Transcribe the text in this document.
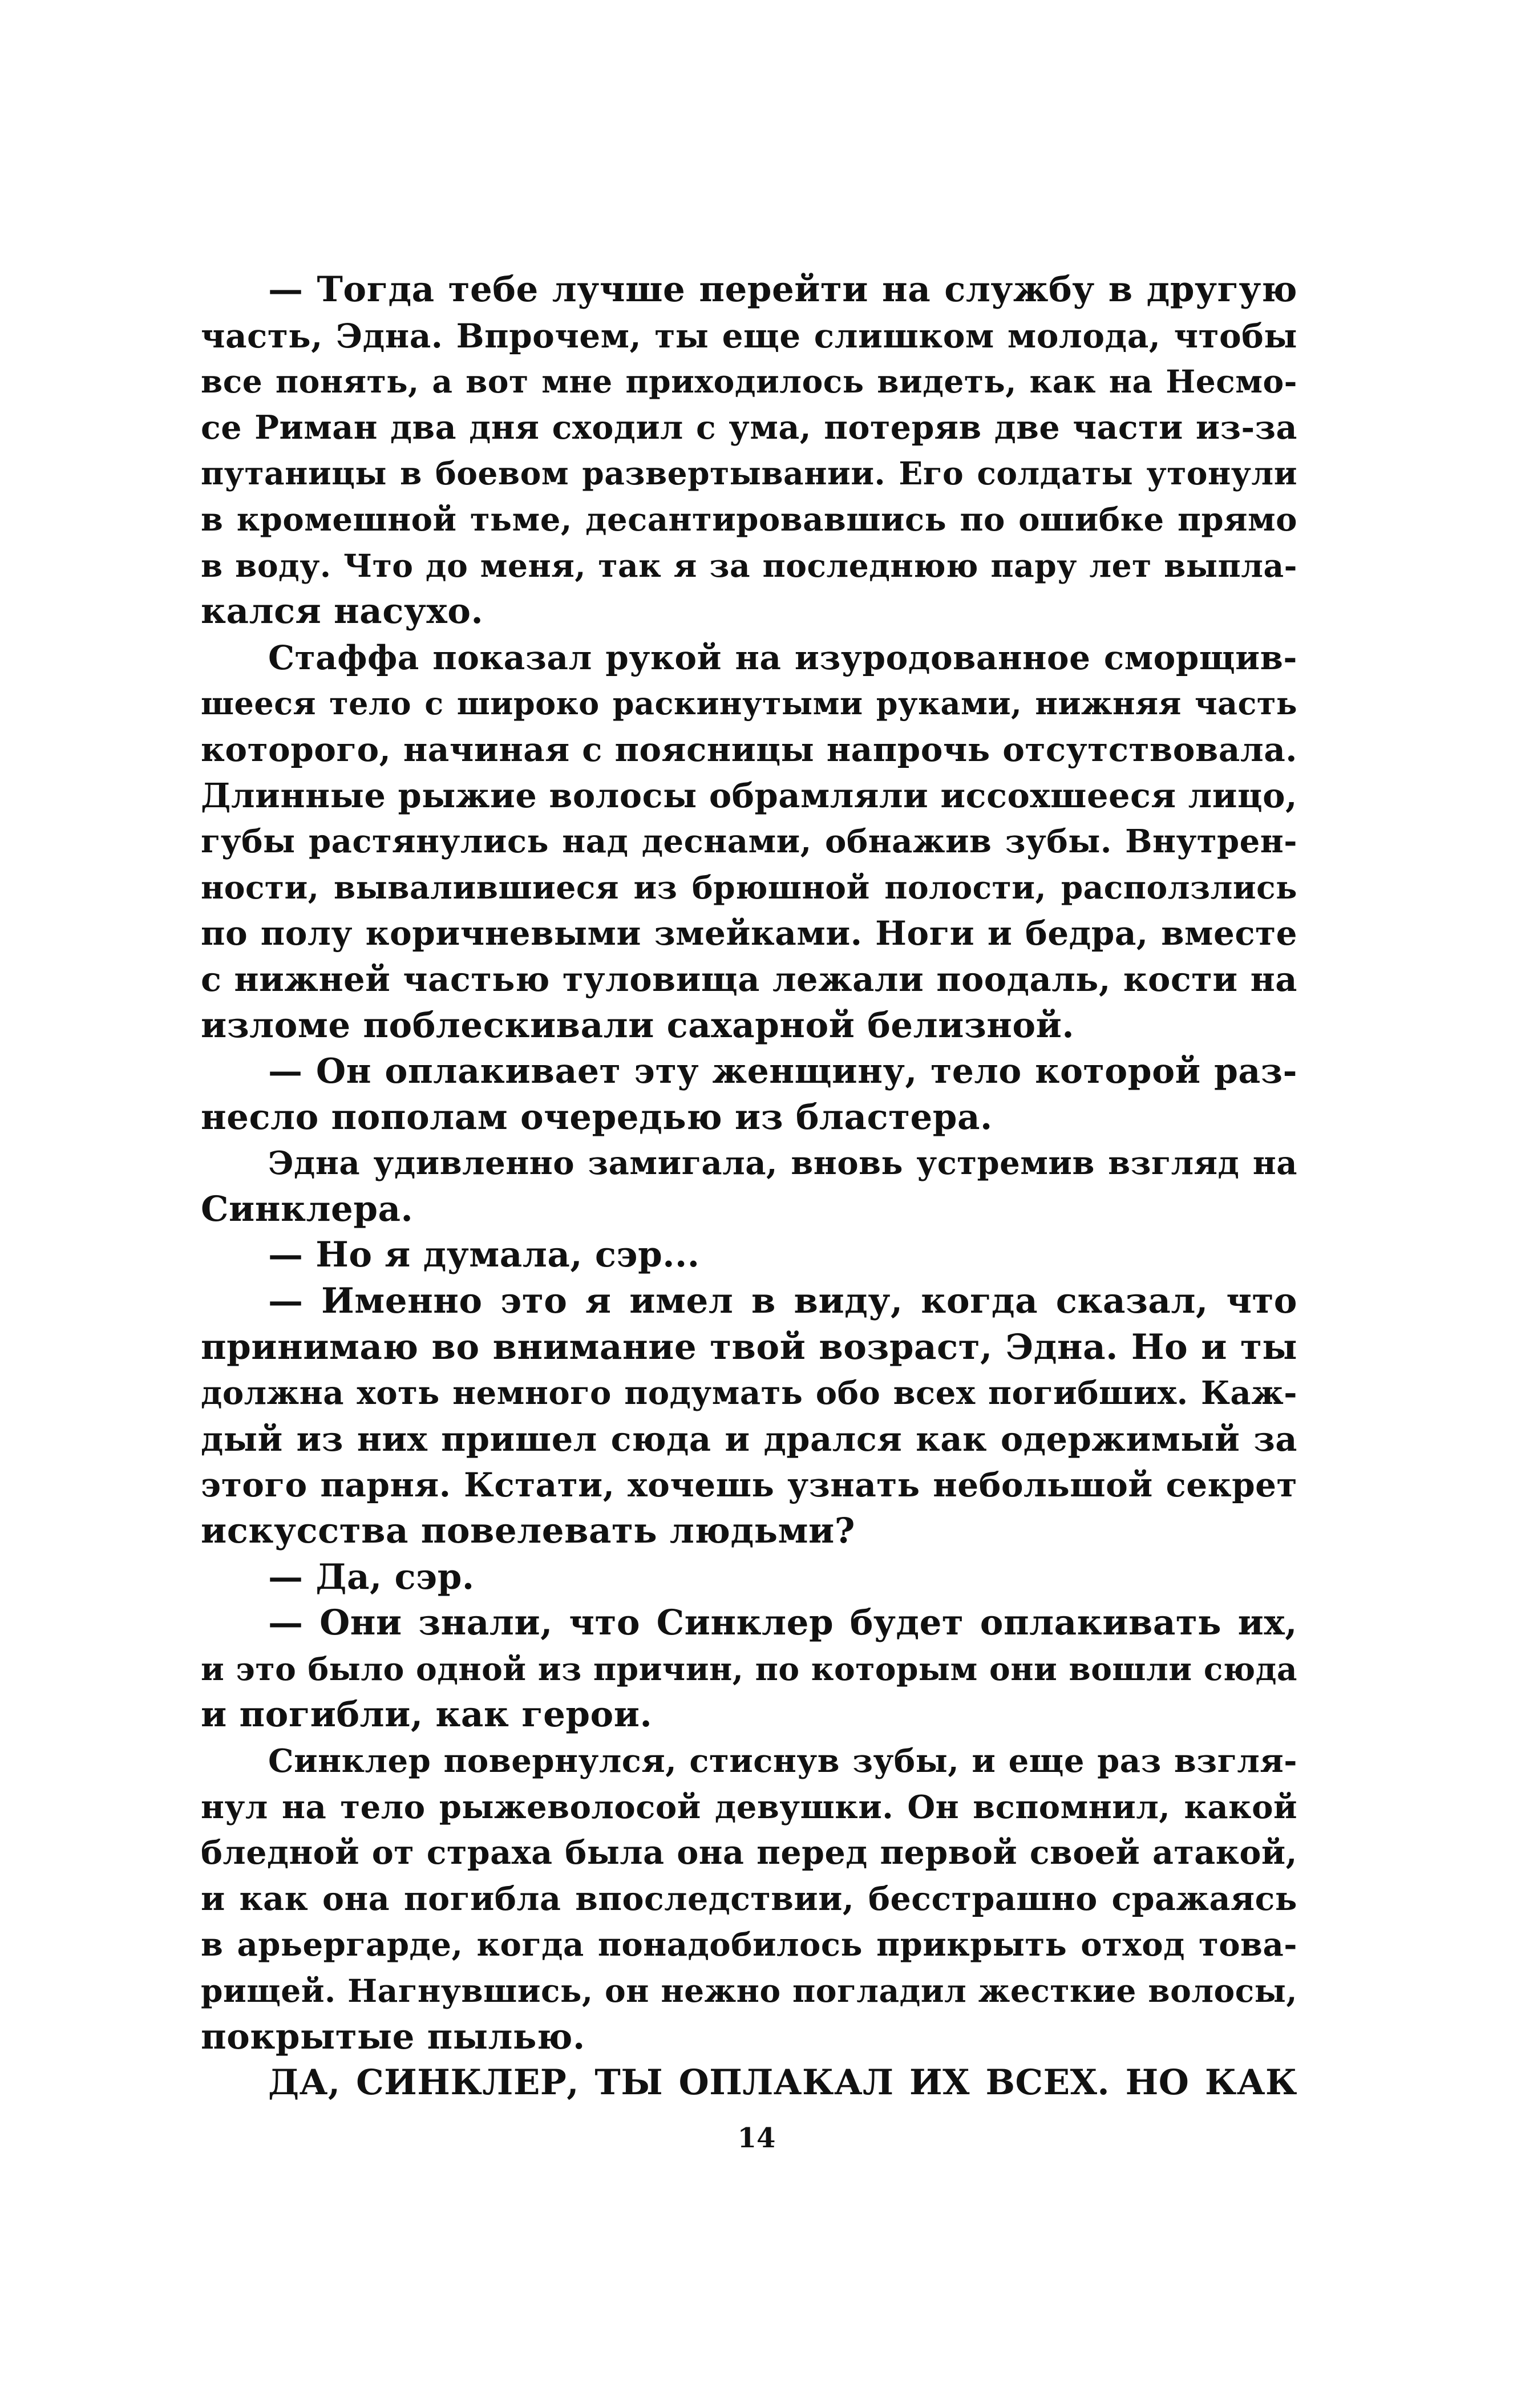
— Тогда тебе лучше перейти на службу в другую
часть, Эдна. Впрочем, ты еще слишком молода, чтобы
все понять, а вот мне приходилось видеть, как на Несмо-
се Риман два дня сходил с ума, потеряв две части из-за
путаницы в боевом развертывании. Его солдаты утонули
в кромешной тьме, десантировавшись по ошибке прямо
в воду. Что до меня, так я за последнюю пару лет выпла-
кался насухо.
Стаффа показал рукой на изуродованное сморщив-
шееся тело с широко раскинутыми руками, нижняя часть
которого, начиная с поясницы напрочь отсутствовала.
Длинные рыжие волосы обрамляли иссохшееся лицо,
губы растянулись над деснами, обнажив зубы. Внутрен-
ности, вывалившиеся из брюшной полости, расползлись
по полу коричневыми змейками. Ноги и бедра, вместе
с нижней частью туловища лежали поодаль, кости на
изломе поблескивали сахарной белизной.
— Он оплакивает эту женщину, тело которой раз-
несло пополам очередью из бластера.
Эдна удивленно замигала, вновь устремив взгляд на
Синклера.
— Но я думала, сэр...
— Именно это я имел в виду, когда сказал, что
принимаю во внимание твой возраст, Эдна. Но и ты
должна хоть немного подумать обо всех погибших. Каж-
дый из них пришел сюда и дрался как одержимый за
этого парня. Кстати, хочешь узнать небольшой секрет
искусства повелевать людьми?
— Да, сэр.
— Они знали, что Синклер будет оплакивать их,
и это было одной из причин, по которым они вошли сюда
и погибли, как герои.
Синклер повернулся, стиснув зубы, и еще раз взгля-
нул на тело рыжеволосой девушки. Он вспомнил, какой
бледной от страха была она перед первой своей атакой,
и как она погибла впоследствии, бесстрашно сражаясь
в арьергарде, когда понадобилось прикрыть отход това-
рищей. Нагнувшись, он нежно погладил жесткие волосы,
покрытые пылью.
ДА, СИНКЛЕР, ТЫ ОПЛАКАЛ ИХ ВСЕХ. НО КАК
14
